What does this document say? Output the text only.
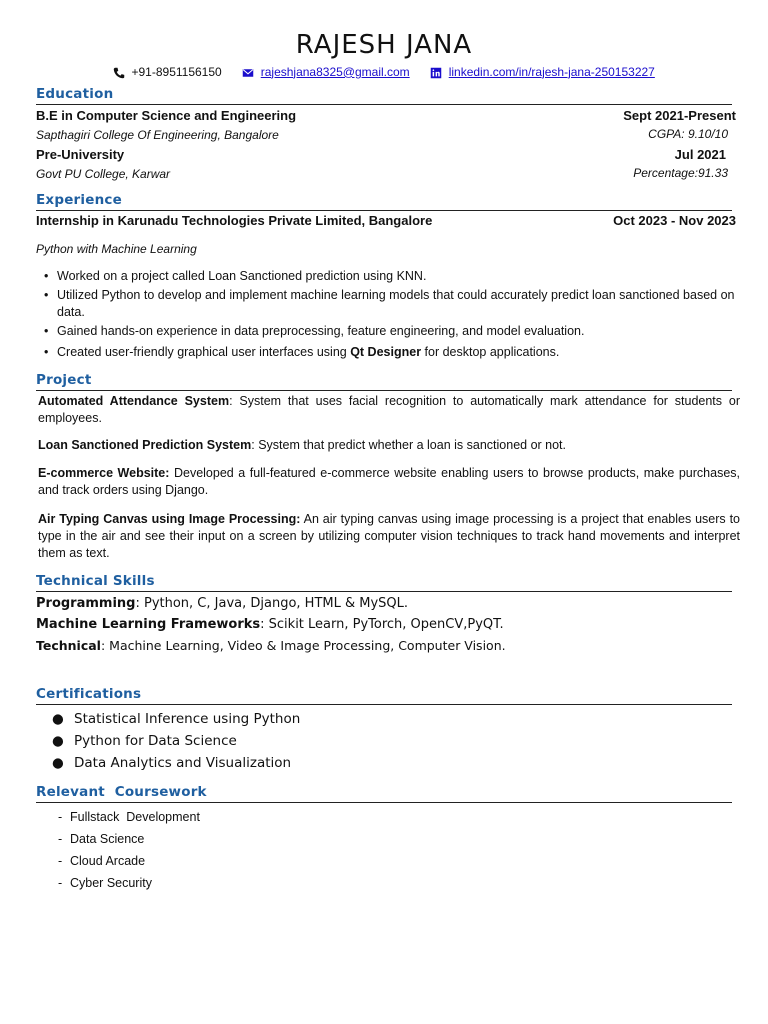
RAJESH JANA
+91-8951156150	rajeshjana8325@gmail.com	linkedin.com/in/rajesh-jana-250153227
Education
B.E in Computer Science and Engineering	Sept 2021-Present
Sapthagiri College Of Engineering, Bangalore	CGPA: 9.10/10
Pre-University	Jul 2021
Govt PU College, Karwar	Percentage:91.33
Experience
Internship in Karunadu Technologies Private Limited, Bangalore	Oct 2023 - Nov 2023
Python with Machine Learning
• Worked on a project called Loan Sanctioned prediction using KNN.
• Utilized Python to develop and implement machine learning models that could accurately predict loan sanctioned based on data.
• Gained hands-on experience in data preprocessing, feature engineering, and model evaluation.
• Created user-friendly graphical user interfaces using Qt Designer for desktop applications.
Project
Automated Attendance System: System that uses facial recognition to automatically mark attendance for students or employees.
Loan Sanctioned Prediction System: System that predict whether a loan is sanctioned or not.
E-commerce Website: Developed a full-featured e-commerce website enabling users to browse products, make purchases, and track orders using Django.
Air Typing Canvas using Image Processing: An air typing canvas using image processing is a project that enables users to type in the air and see their input on a screen by utilizing computer vision techniques to track hand movements and interpret them as text.
Technical Skills
Programming: Python, C, Java, Django, HTML & MySQL.
Machine Learning Frameworks: Scikit Learn, PyTorch, OpenCV,PyQT.
Technical: Machine Learning, Video & Image Processing, Computer Vision.
Certifications
● Statistical Inference using Python
● Python for Data Science
● Data Analytics and Visualization
Relevant  Coursework
- Fullstack  Development
- Data Science
- Cloud Arcade
- Cyber Security
